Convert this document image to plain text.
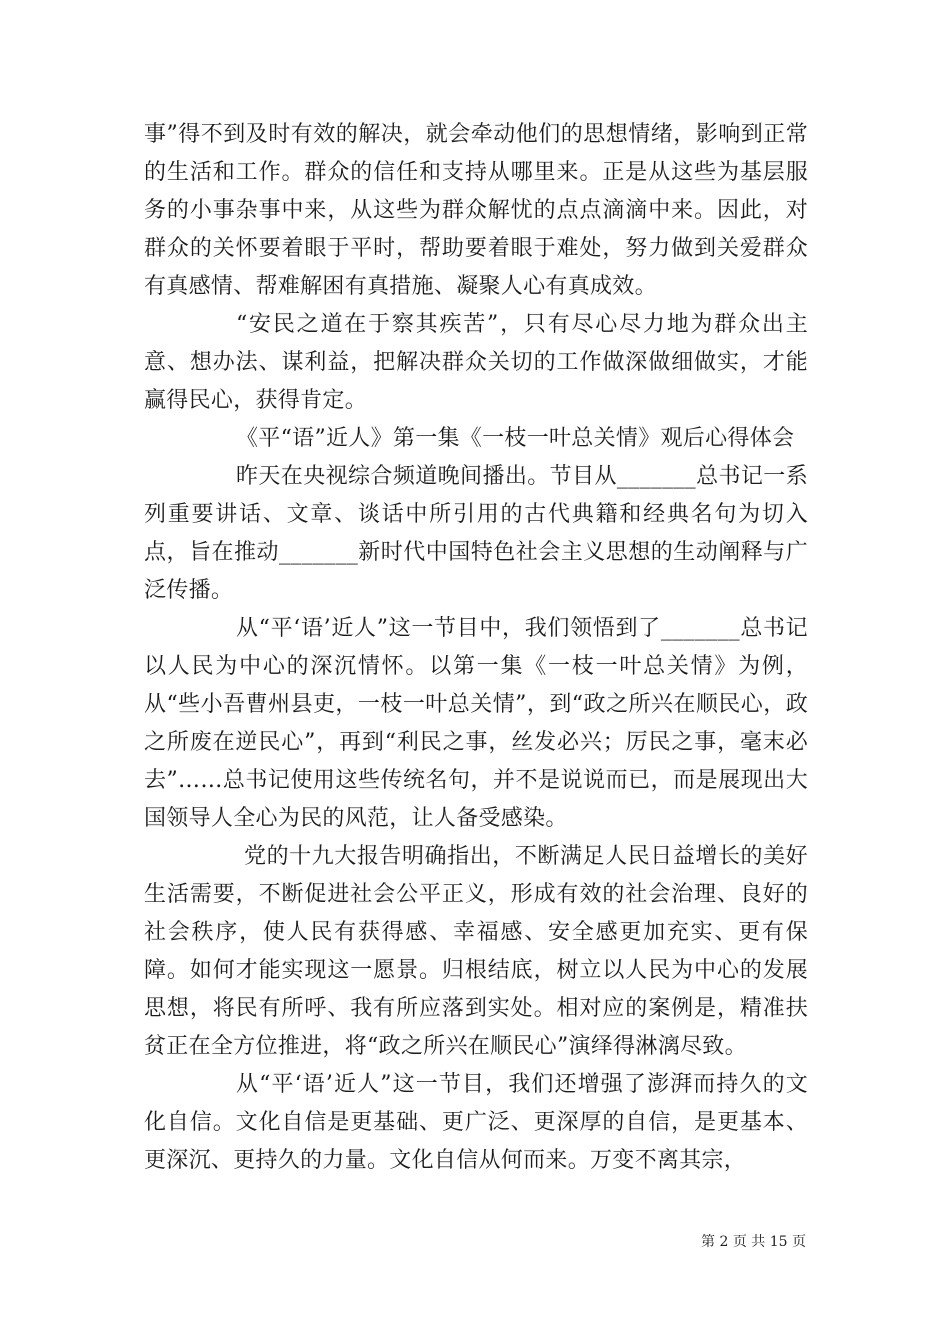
事”得不到及时有效的解决，就会牵动他们的思想情绪，影响到正常的生活和工作。群众的信任和支持从哪里来。正是从这些为基层服务的小事杂事中来，从这些为群众解忧的点点滴滴中来。因此，对群众的关怀要着眼于平时，帮助要着眼于难处，努力做到关爱群众有真感情、帮难解困有真措施、凝聚人心有真成效。

“安民之道在于察其疾苦”，只有尽心尽力地为群众出主意、想办法、谋利益，把解决群众关切的工作做深做细做实，才能赢得民心，获得肯定。

《平“语”近人》第一集《一枝一叶总关情》观后心得体会

昨天在央视综合频道晚间播出。节目从_______总书记一系列重要讲话、文章、谈话中所引用的古代典籍和经典名句为切入点，旨在推动_______新时代中国特色社会主义思想的生动阐释与广泛传播。

从“平‘语’近人”这一节目中，我们领悟到了_______总书记以人民为中心的深沉情怀。以第一集《一枝一叶总关情》为例，从“些小吾曹州县吏，一枝一叶总关情”，到“政之所兴在顺民心，政之所废在逆民心”，再到“利民之事，丝发必兴；厉民之事，毫末必去”……总书记使用这些传统名句，并不是说说而已，而是展现出大国领导人全心为民的风范，让人备受感染。

党的十九大报告明确指出，不断满足人民日益增长的美好生活需要，不断促进社会公平正义，形成有效的社会治理、良好的社会秩序，使人民有获得感、幸福感、安全感更加充实、更有保障。如何才能实现这一愿景。归根结底，树立以人民为中心的发展思想，将民有所呼、我有所应落到实处。相对应的案例是，精准扶贫正在全方位推进，将“政之所兴在顺民心”演绎得淋漓尽致。

从“平‘语’近人”这一节目，我们还增强了澎湃而持久的文化自信。文化自信是更基础、更广泛、更深厚的自信，是更基本、更深沉、更持久的力量。文化自信从何而来。万变不离其宗，

第 2 页 共 15 页
